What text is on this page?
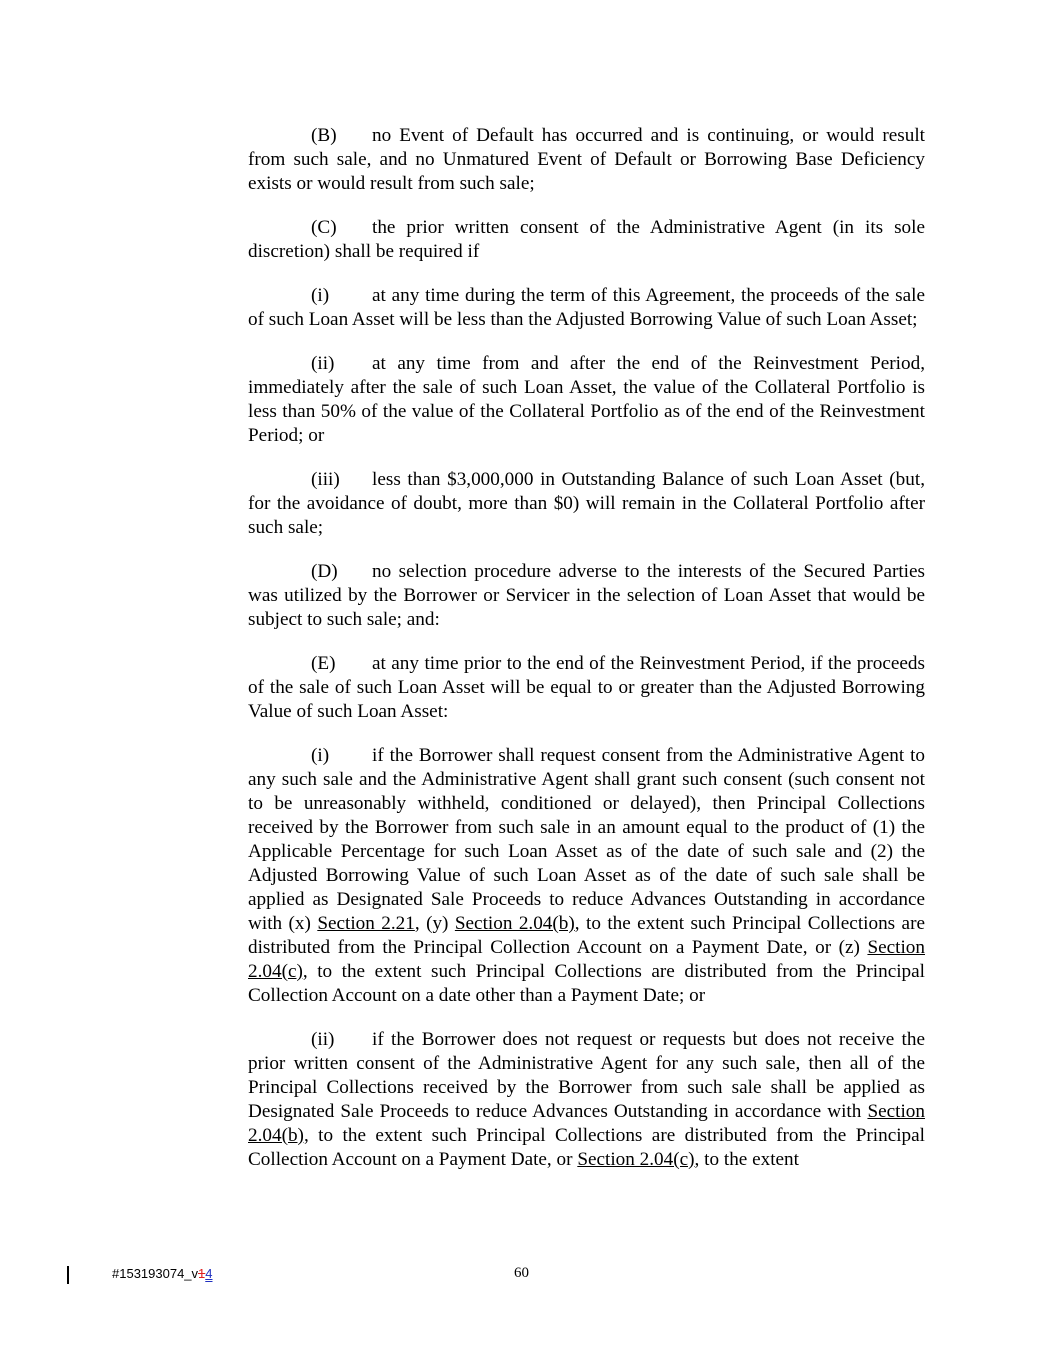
(B) no Event of Default has occurred and is continuing, or would result from such sale, and no Unmatured Event of Default or Borrowing Base Deficiency exists or would result from such sale;

(C) the prior written consent of the Administrative Agent (in its sole discretion) shall be required if

(i) at any time during the term of this Agreement, the proceeds of the sale of such Loan Asset will be less than the Adjusted Borrowing Value of such Loan Asset;

(ii) at any time from and after the end of the Reinvestment Period, immediately after the sale of such Loan Asset, the value of the Collateral Portfolio is less than 50% of the value of the Collateral Portfolio as of the end of the Reinvestment Period; or

(iii) less than $3,000,000 in Outstanding Balance of such Loan Asset (but, for the avoidance of doubt, more than $0) will remain in the Collateral Portfolio after such sale;

(D) no selection procedure adverse to the interests of the Secured Parties was utilized by the Borrower or Servicer in the selection of Loan Asset that would be subject to such sale; and:

(E) at any time prior to the end of the Reinvestment Period, if the proceeds of the sale of such Loan Asset will be equal to or greater than the Adjusted Borrowing Value of such Loan Asset:

(i) if the Borrower shall request consent from the Administrative Agent to any such sale and the Administrative Agent shall grant such consent (such consent not to be unreasonably withheld, conditioned or delayed), then Principal Collections received by the Borrower from such sale in an amount equal to the product of (1) the Applicable Percentage for such Loan Asset as of the date of such sale and (2) the Adjusted Borrowing Value of such Loan Asset as of the date of such sale shall be applied as Designated Sale Proceeds to reduce Advances Outstanding in accordance with (x) Section 2.21, (y) Section 2.04(b), to the extent such Principal Collections are distributed from the Principal Collection Account on a Payment Date, or (z) Section 2.04(c), to the extent such Principal Collections are distributed from the Principal Collection Account on a date other than a Payment Date; or

(ii) if the Borrower does not request or requests but does not receive the prior written consent of the Administrative Agent for any such sale, then all of the Principal Collections received by the Borrower from such sale shall be applied as Designated Sale Proceeds to reduce Advances Outstanding in accordance with Section 2.04(b), to the extent such Principal Collections are distributed from the Principal Collection Account on a Payment Date, or Section 2.04(c), to the extent

#153193074_v14	60
